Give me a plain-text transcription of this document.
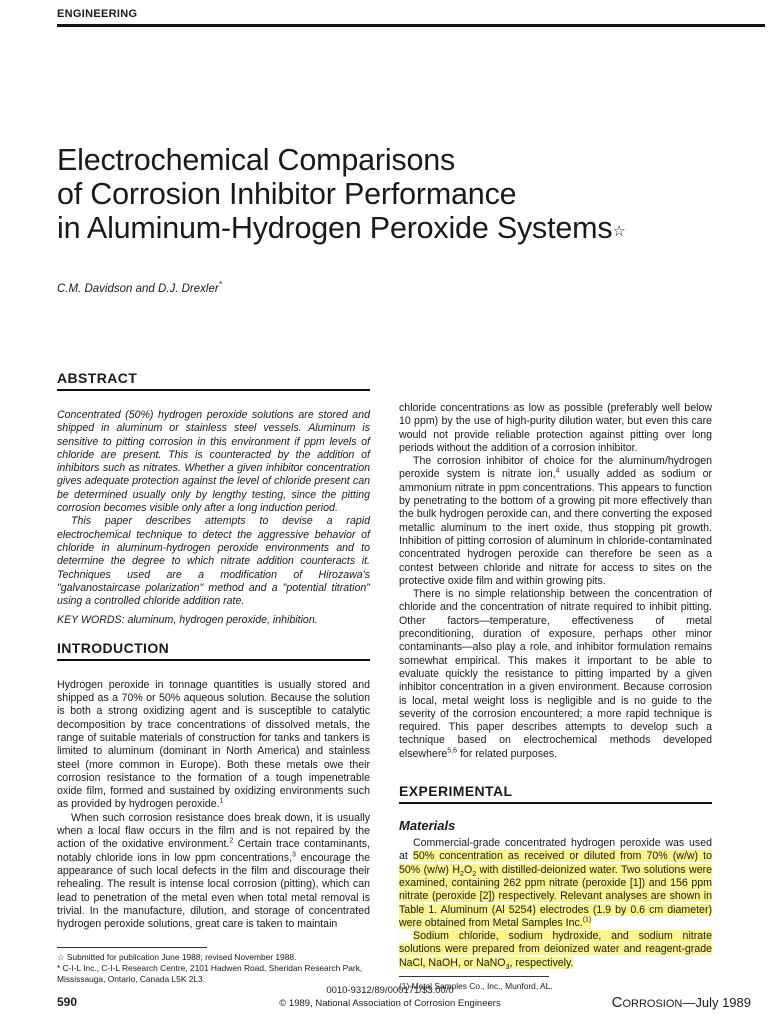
ENGINEERING
Electrochemical Comparisons
of Corrosion Inhibitor Performance
in Aluminum-Hydrogen Peroxide Systems☆
C.M. Davidson and D.J. Drexler*
ABSTRACT

Concentrated (50%) hydrogen peroxide solutions are stored and shipped in aluminum or stainless steel vessels. Aluminum is sensitive to pitting corrosion in this environment if ppm levels of chloride are present. This is counteracted by the addition of inhibitors such as nitrates. Whether a given inhibitor concentration gives adequate protection against the level of chloride present can be determined usually only by lengthy testing, since the pitting corrosion becomes visible only after a long induction period.

This paper describes attempts to devise a rapid electrochemical technique to detect the aggressive behavior of chloride in aluminum-hydrogen peroxide environments and to determine the degree to which nitrate addition counteracts it. Techniques used are a modification of Hirozawa's "galvanostaircase polarization" method and a "potential titration" using a controlled chloride addition rate.

KEY WORDS: aluminum, hydrogen peroxide, inhibition.

INTRODUCTION

Hydrogen peroxide in tonnage quantities is usually stored and shipped as a 70% or 50% aqueous solution. Because the solution is both a strong oxidizing agent and is susceptible to catalytic decomposition by trace concentrations of dissolved metals, the range of suitable materials of construction for tanks and tankers is limited to aluminum (dominant in North America) and stainless steel (more common in Europe). Both these metals owe their corrosion resistance to the formation of a tough impenetrable oxide film, formed and sustained by oxidizing environments such as provided by hydrogen peroxide.$^1$

When such corrosion resistance does break down, it is usually when a local flaw occurs in the film and is not repaired by the action of the oxidative environment.$^2$ Certain trace contaminants, notably chloride ions in low ppm concentrations,$^3$ encourage the appearance of such local defects in the film and discourage their rehealing. The result is intense local corrosion (pitting), which can lead to penetration of the metal even when total metal removal is trivial. In the manufacture, dilution, and storage of concentrated hydrogen peroxide solutions, great care is taken to maintain

☆ Submitted for publication June 1988; revised November 1988.

* C-I-L Inc., C-I-L Research Centre, 2101 Hadwen Road, Sheridan Research Park, Mississauga, Ontario, Canada L5K 2L3.

chloride concentrations as low as possible (preferably well below 10 ppm) by the use of high-purity dilution water, but even this care would not provide reliable protection against pitting over long periods without the addition of a corrosion inhibitor.

The corrosion inhibitor of choice for the aluminum/hydrogen peroxide system is nitrate ion,$^4$ usually added as sodium or ammonium nitrate in ppm concentrations. This appears to function by penetrating to the bottom of a growing pit more effectively than the bulk hydrogen peroxide can, and there converting the exposed metallic aluminum to the inert oxide, thus stopping pit growth. Inhibition of pitting corrosion of aluminum in chloride-contaminated concentrated hydrogen peroxide can therefore be seen as a contest between chloride and nitrate for access to sites on the protective oxide film and within growing pits.

There is no simple relationship between the concentration of chloride and the concentration of nitrate required to inhibit pitting. Other factors—temperature, effectiveness of metal preconditioning, duration of exposure, perhaps other minor contaminants—also play a role, and inhibitor formulation remains somewhat empirical. This makes it important to be able to evaluate quickly the resistance to pitting imparted by a given inhibitor concentration in a given environment. Because corrosion is local, metal weight loss is negligible and is no guide to the severity of the corrosion encountered; a more rapid technique is required. This paper describes attempts to develop such a technique based on electrochemical methods developed elsewhere$^{5,6}$ for related purposes.

EXPERIMENTAL
Materials

Commercial-grade concentrated hydrogen peroxide was used at 50% concentration as received or diluted from 70% (w/w) to 50% (w/w) $H_2O_2$ with distilled-deionized water. Two solutions were examined, containing 262 ppm nitrate (peroxide [1]) and 156 ppm nitrate (peroxide [2]) respectively. Relevant analyses are shown in Table 1. Aluminum (Al 5254) electrodes (1.9 by 0.6 cm diameter) were obtained from Metal Samples Inc.$^{(1)}$

Sodium chloride, sodium hydroxide, and sodium nitrate solutions were prepared from deionized water and reagent-grade NaCl, NaOH, or NaNO$_3$, respectively.

(1) Metal Samples Co., Inc., Munford, AL.

590
0010-9312/89/000171/$3.00/0
© 1989, National Association of Corrosion Engineers	Corrosion—July 1989
